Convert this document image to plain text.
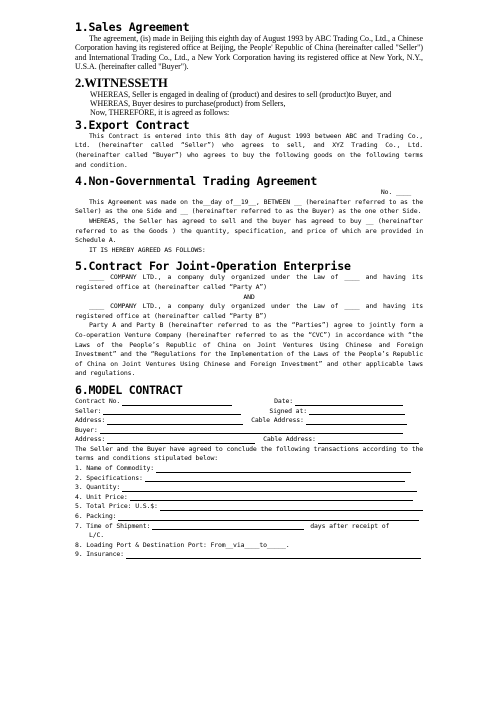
1.Sales Agreement

The agreement, (is) made in Beijing this eighth day of August 1993 by ABC Trading Co., Ltd., a Chinese Corporation having its registered office at Beijing, the People' Republic of China (hereinafter called "Seller") and International Trading Co., Ltd., a New York Corporation having its registered office at New York, N.Y., U.S.A. (hereinafter called "Buyer").

2.WITNESSETH

WHEREAS, Seller is engaged in dealing of (product) and desires to sell (product)to Buyer, and

WHEREAS, Buyer desires to purchase(product) from Sellers,

Now, THEREFORE, it is agreed as follows:

3.Export Contract

This Contract is entered into this 8th day of August 1993 between ABC and Trading Co., Ltd. (hereinafter called “Seller”) who agrees to sell, and XYZ Trading Co., Ltd. (hereinafter called “Buyer”) who agrees to buy the following goods on the following terms and condition.

4.Non-Governmental Trading Agreement

No. ____

This Agreement was made on the__day of__19__, BETWEEN __ (hereinafter referred to as the Seller) as the one Side and __ (hereinafter referred to as the Buyer) as the one other Side.

WHEREAS, the Seller has agreed to sell and the buyer has agreed to buy __ (hereinafter referred to as the Goods ) the quantity, specification, and price of which are provided in Schedule A.

IT IS HEREBY AGREED AS FOLLOWS:

5.Contract For Joint-Operation Enterprise

____ COMPANY LTD., a company duly organized under the Law of ____ and having its registered office at (hereinafter called “Party A”)

AND

____ COMPANY LTD., a company duly organized under the Law of ____ and having its registered office at (hereinafter called “Party B”)

Party A and Party B (hereinafter referred to as the “Parties”) agree to jointly form a Co-operation Venture Company (hereinafter referred to as the “CVC”) in accordance with “the Laws of the People’s Republic of China on Joint Ventures Using Chinese and Foreign Investment” and the “Regulations for the Implementation of the Laws of the People’s Republic of China on Joint Ventures Using Chinese and Foreign Investment” and other applicable laws and regulations.

6.MODEL CONTRACT
Contract No.	Date:
Seller:	Signed at:
Address:	Cable Address:
Buyer:
Address:	Cable Address:

The Seller and the Buyer have agreed to conclude the following transactions according to the terms and conditions stipulated below:

1. Name of Commodity:
2. Specifications:
3. Quantity:
4. Unit Price:
5. Total Price: U.S.$:
6. Packing:
7. Time of Shipment:	days after receipt of

L/C.

8. Loading Port & Destination Port: From__via____to_____.

9. Insurance:
